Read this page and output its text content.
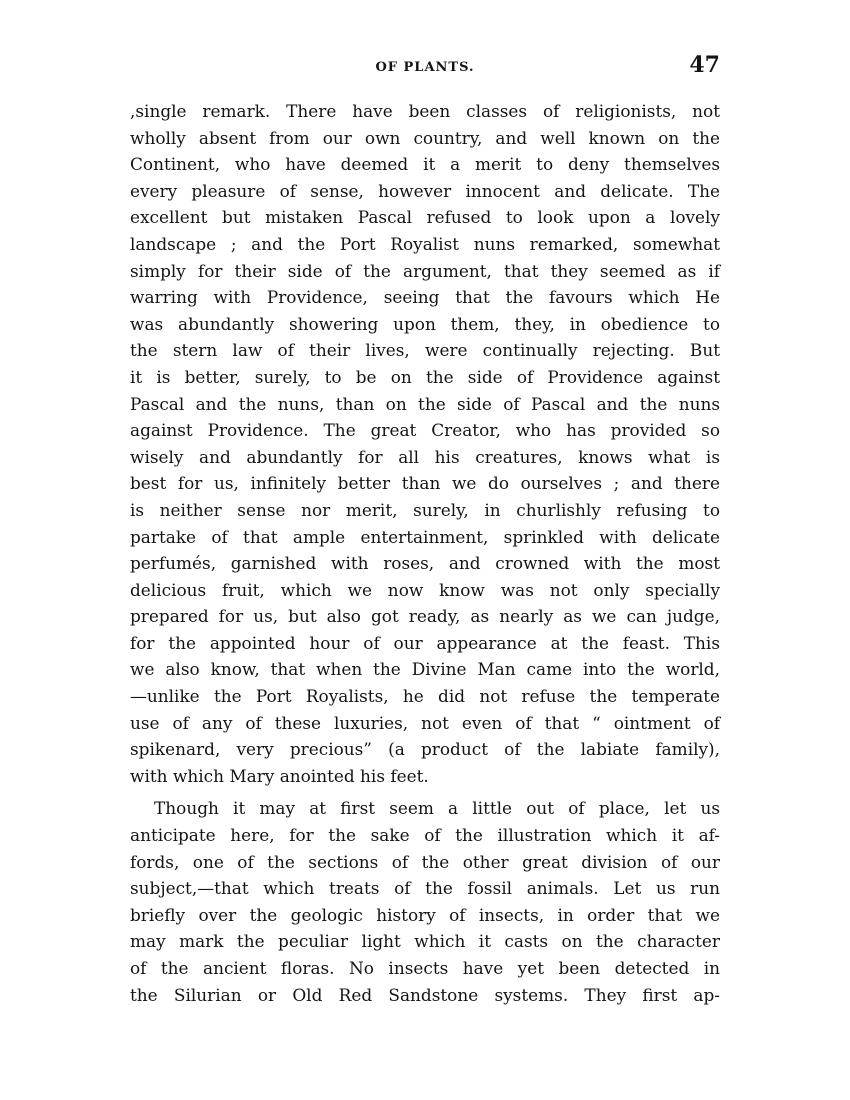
OF PLANTS.	47
,single remark. There have been classes of religionists, not
wholly absent from our own country, and well known on the
Continent, who have deemed it a merit to deny themselves
every pleasure of sense, however innocent and delicate. The
excellent but mistaken Pascal refused to look upon a lovely
landscape ; and the Port Royalist nuns remarked, somewhat
simply for their side of the argument, that they seemed as if
warring with Providence, seeing that the favours which He
was abundantly showering upon them, they, in obedience to
the stern law of their lives, were continually rejecting. But
it is better, surely, to be on the side of Providence against
Pascal and the nuns, than on the side of Pascal and the nuns
against Providence. The great Creator, who has provided so
wisely and abundantly for all his creatures, knows what is
best for us, infinitely better than we do ourselves ; and there
is neither sense nor merit, surely, in churlishly refusing to
partake of that ample entertainment, sprinkled with delicate
perfumés, garnished with roses, and crowned with the most
delicious fruit, which we now know was not only specially
prepared for us, but also got ready, as nearly as we can judge,
for the appointed hour of our appearance at the feast. This
we also know, that when the Divine Man came into the world,
—unlike the Port Royalists, he did not refuse the temperate
use of any of these luxuries, not even of that “ ointment of
spikenard, very precious” (a product of the labiate family),
with which Mary anointed his feet.
Though it may at first seem a little out of place, let us
anticipate here, for the sake of the illustration which it af-
fords, one of the sections of the other great division of our
subject,—that which treats of the fossil animals. Let us run
briefly over the geologic history of insects, in order that we
may mark the peculiar light which it casts on the character
of the ancient floras. No insects have yet been detected in
the Silurian or Old Red Sandstone systems. They first ap-
